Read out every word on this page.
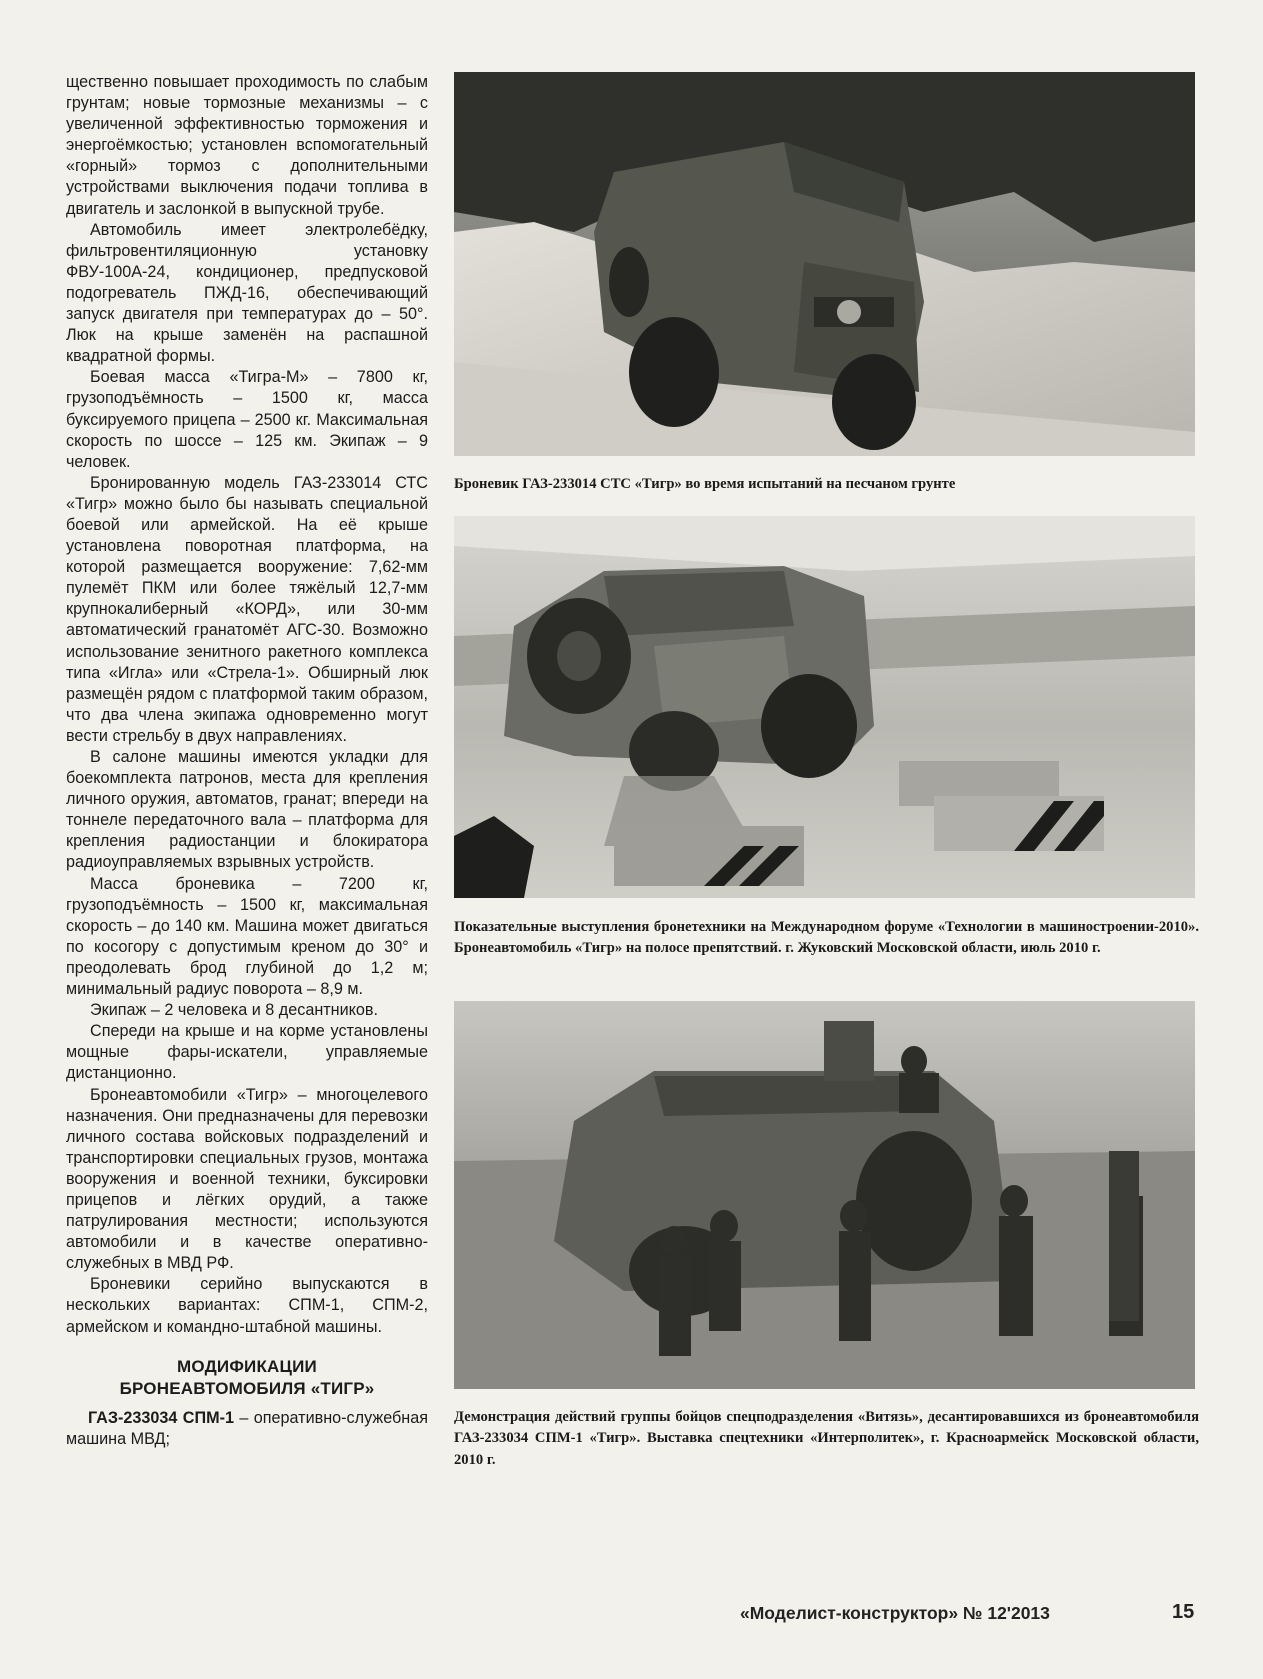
щественно повышает проходимость по слабым грунтам; новые тормозные механизмы – с увеличенной эффективностью торможения и энергоёмкостью; установлен вспомогательный «горный» тормоз с дополнительными устройствами выключения подачи топлива в двигатель и заслонкой в выпускной трубе.

Автомобиль имеет электролебёдку, фильтровентиляционную установку ФВУ-100А-24, кондиционер, предпусковой подогреватель ПЖД-16, обеспечивающий запуск двигателя при температурах до – 50°. Люк на крыше заменён на распашной квадратной формы.

Боевая масса «Тигра-М» – 7800 кг, грузоподъёмность – 1500 кг, масса буксируемого прицепа – 2500 кг. Максимальная скорость по шоссе – 125 км. Экипаж – 9 человек.

Бронированную модель ГАЗ-233014 СТС «Тигр» можно было бы называть специальной боевой или армейской. На её крыше установлена поворотная платформа, на которой размещается вооружение: 7,62-мм пулемёт ПКМ или более тяжёлый 12,7-мм крупнокалиберный «КОРД», или 30-мм автоматический гранатомёт АГС-30. Возможно использование зенитного ракетного комплекса типа «Игла» или «Стрела-1». Обширный люк размещён рядом с платформой таким образом, что два члена экипажа одновременно могут вести стрельбу в двух направлениях.

В салоне машины имеются укладки для боекомплекта патронов, места для крепления личного оружия, автоматов, гранат; впереди на тоннеле передаточного вала – платформа для крепления радиостанции и блокиратора радиоуправляемых взрывных устройств.

Масса броневика – 7200 кг, грузоподъёмность – 1500 кг, максимальная скорость – до 140 км. Машина может двигаться по косогору с допустимым креном до 30° и преодолевать брод глубиной до 1,2 м; минимальный радиус поворота – 8,9 м.

Экипаж – 2 человека и 8 десантников.

Спереди на крыше и на корме установлены мощные фары-искатели, управляемые дистанционно.

Бронеавтомобили «Тигр» – многоцелевого назначения. Они предназначены для перевозки личного состава войсковых подразделений и транспортировки специальных грузов, монтажа вооружения и военной техники, буксировки прицепов и лёгких орудий, а также патрулирования местности; используются автомобили и в качестве оперативно-служебных в МВД РФ.

Броневики серийно выпускаются в нескольких вариантах: СПМ-1, СПМ-2, армейском и командно-штабной машины.

МОДИФИКАЦИИ
БРОНЕАВТОМОБИЛЯ «ТИГР»

ГАЗ-233034 СПМ-1 – оперативно-служебная машина МВД;

Броневик ГАЗ-233014 СТС «Тигр» во время испытаний на песчаном грунте
Показательные выступления бронетехники на Международном форуме «Технологии в машиностроении-2010». Бронеавтомобиль «Тигр» на полосе препятствий. г. Жуковский Московской области, июль 2010 г.
Демонстрация действий группы бойцов спецподразделения «Витязь», десантировавшихся из бронеавтомобиля ГАЗ-233034 СПМ-1 «Тигр». Выставка спецтехники «Интерполитек», г. Красноармейск Московской области, 2010 г.
«Моделист-конструктор» № 12'2013	15
